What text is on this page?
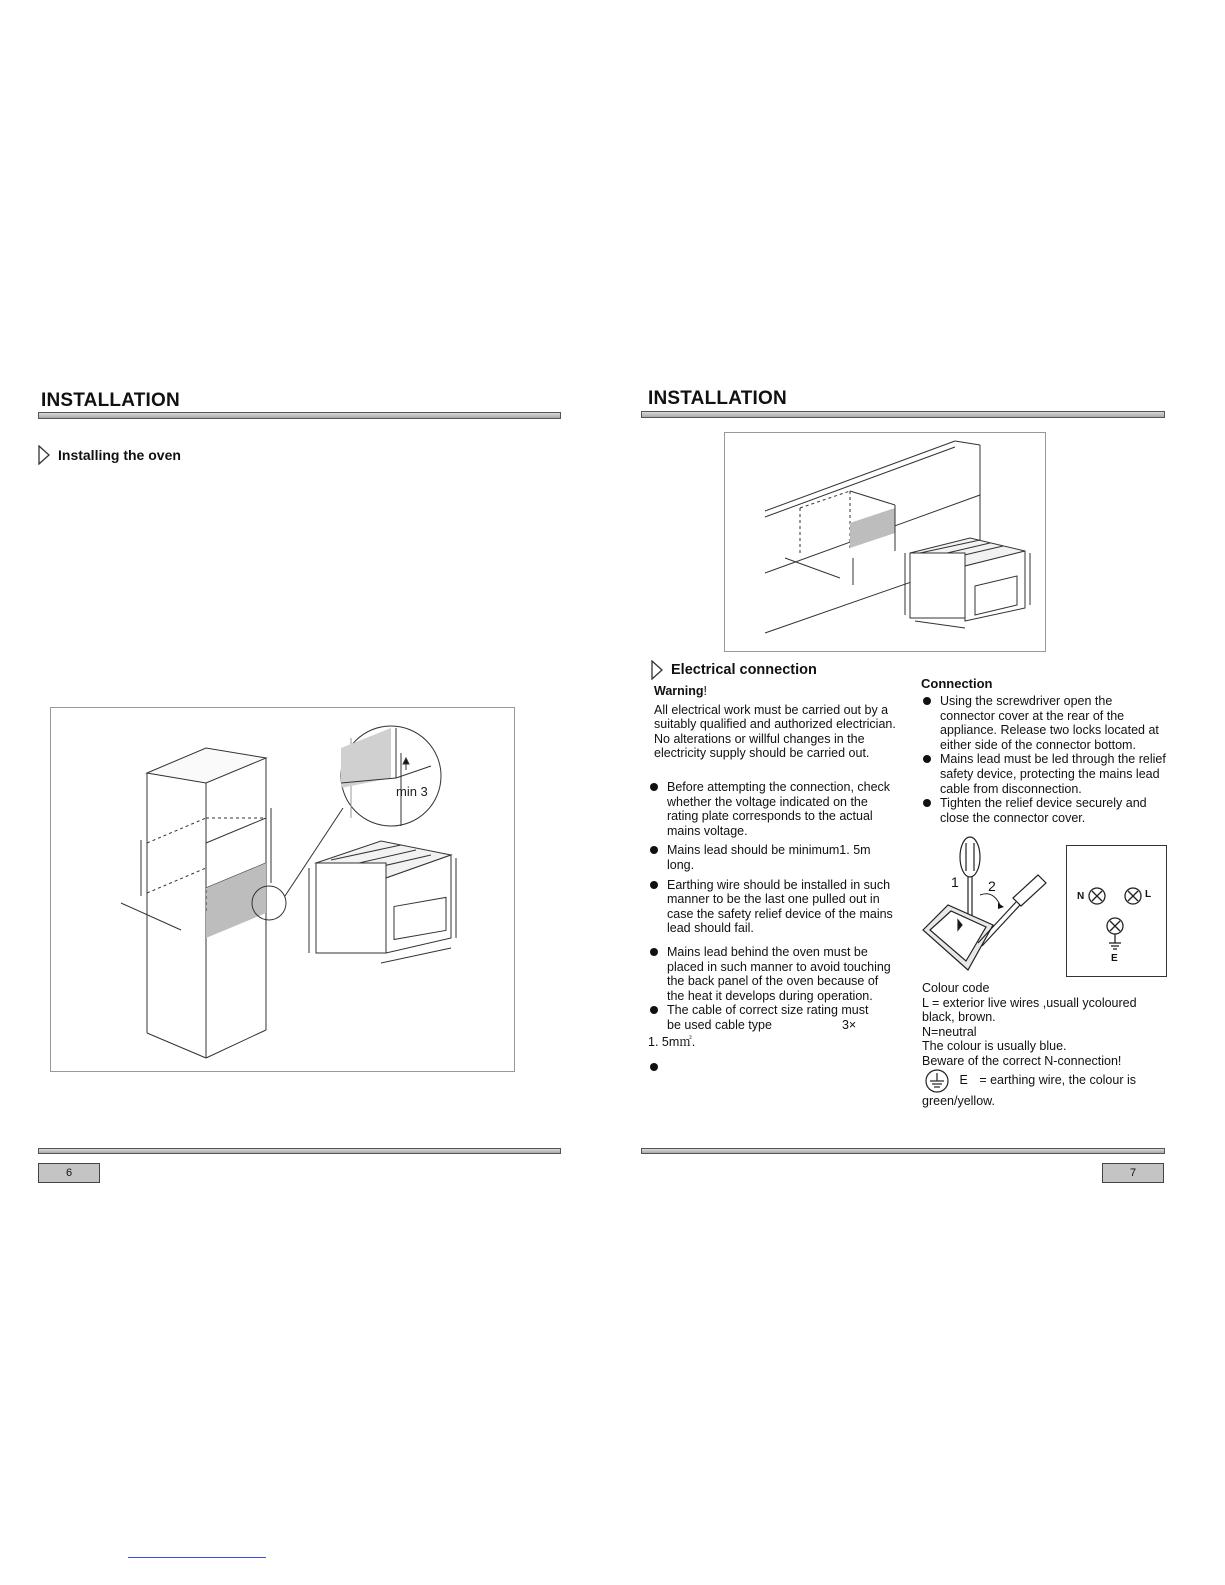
INSTALLATION
Installing the oven
min 3
6
INSTALLATION
Electrical connection
Warning!
All electrical work must be carried out by a suitably qualified and authorized electrician. No alterations or willful changes in the electricity supply should be carried out.
Before attempting the connection, check whether the voltage indicated on the rating plate corresponds to the actual mains voltage.
Mains lead should be minimum1. 5m long.
Earthing wire should be installed in such manner to be the last one pulled out in case the safety relief device of the mains lead should fail.
Mains lead behind the oven must be placed in such manner to avoid touching the back panel of the oven because of the heat it develops during operation.
The cable of correct size rating must
be used cable type	3×
1. 5m㎡.
Connection
Using the screwdriver open the connector cover at the rear of the appliance. Release two locks located at either side of the connector bottom.
Mains lead must be led through the relief safety device, protecting the mains lead cable from disconnection.
Tighten the relief device securely and close the connector cover.
1 2
N	L
E
Colour code
L = exterior live wires ,usuall ycoloured black, brown.
N=neutral
The colour is usually blue.
Beware of the correct N-connection!
E = earthing wire, the colour is green/yellow.
7
